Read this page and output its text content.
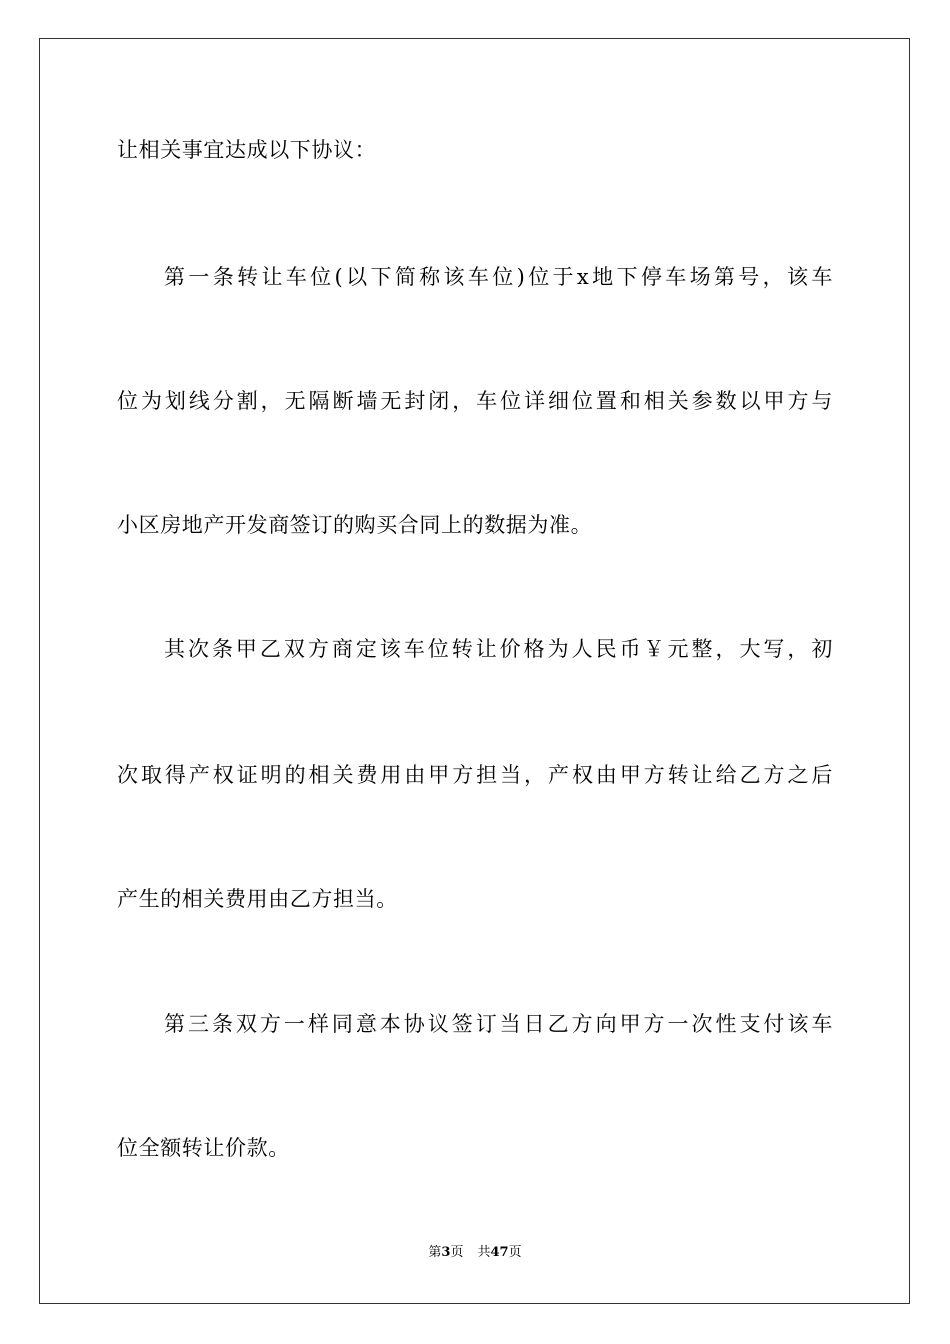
让相关事宜达成以下协议：
第一条转让车位(以下简称该车位)位于x地下停车场第号，该车
位为划线分割，无隔断墙无封闭，车位详细位置和相关参数以甲方与
小区房地产开发商签订的购买合同上的数据为准。
其次条甲乙双方商定该车位转让价格为人民币￥元整，大写，初
次取得产权证明的相关费用由甲方担当，产权由甲方转让给乙方之后
产生的相关费用由乙方担当。
第三条双方一样同意本协议签订当日乙方向甲方一次性支付该车
位全额转让价款。
第3页 共47页
